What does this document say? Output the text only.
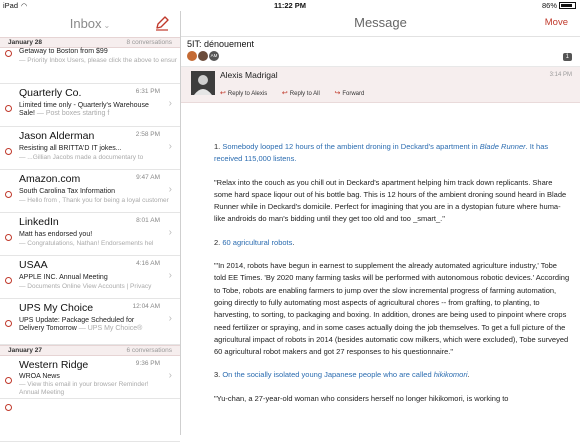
iPad ◠	11:22 PM	86%
Inbox ⌄
January 28	8 conversations
Getaway to Boston from $99
— Priority Inbox Users, please click the above to ensur
Quarterly Co.	6:31 PM
›
Limited time only - Quarterly's Warehouse Sale! — Post boxes starting f
Jason Alderman	2:58 PM
›
Resisting all BRITTA'D IT jokes...
— ...Gillian Jacobs made a documentary to
Amazon.com	9:47 AM
›
South Carolina Tax Information
— Hello from , Thank you for being a loyal customer
LinkedIn	8:01 AM
›
Matt has endorsed you!
— Congratulations, Nathan! Endorsements hel
USAA	4:16 AM
›
APPLE INC. Annual Meeting
— Documents Online View Accounts | Privacy
UPS My Choice	12:04 AM
›
UPS Update: Package Scheduled for Delivery Tomorrow — UPS My Choice®
January 27	6 conversations
Western Ridge	9:36 PM
›
WROA News
— View this email in your browser Reminder! Annual Meeting
Message	Move
5IT: dénouement
AM	1
Alexis Madrigal	3:14 PM
↩ Reply to Alexis ↩ Reply to All ↪ Forward

1. Somebody looped 12 hours of the ambient droning in Deckard's apartment in Blade Runner. It has received 115,000 listens.

"Relax into the couch as you chill out in Deckard's apartment helping him track down replicants. Share some hard space liqour out of his bottle bag. This is 12 hours of the ambient droning sound heard in Blade Runner while in Deckard's domicile. Perfect for imagining that you are in a dystopian future where huma-like androids do man's bidding until they get too old and too _smart_."

2. 60 agricultural robots.

"'In 2014, robots have begun in earnest to supplement the already automated agriculture industry,' Tobe told EE Times. 'By 2020 many farming tasks will be performed with autonomous robotic devices.' According to Tobe, robots are enabling farmers to jump over the slow incremental progress of farming automation, going directly to fully automating most aspects of agricultural chores -- from grafting, to planting, to harvesting, to sorting, to packaging and boxing. In addition, drones are being used to pinpoint where crops need fertilizer or spraying, and in some cases actually doing the job themselves. To get a full picture of the agricultural impact of robots in 2014 (besides automatic cow milkers, which were excluded), Tobe surveyed 60 agricultural robot makers and got 27 responses to his questionnaire."

3. On the socially isolated young Japanese people who are called hikikomori.

"Yu-chan, a 27-year-old woman who considers herself no longer hikikomori, is working to
